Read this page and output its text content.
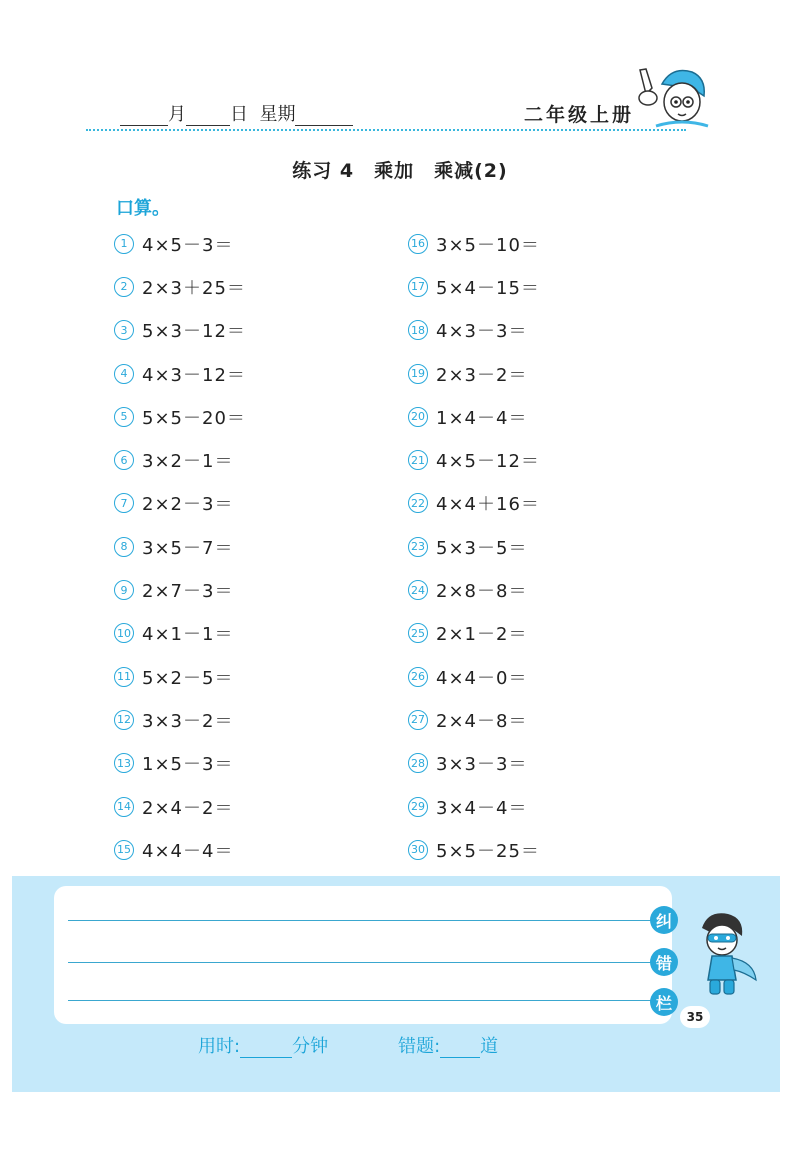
月 日 星期	二年级上册
练习 4 乘加 乘减(2)
口算。
1 4×5－3＝
2 2×3＋25＝
3 5×3－12＝
4 4×3－12＝
5 5×5－20＝
6 3×2－1＝
7 2×2－3＝
8 3×5－7＝
9 2×7－3＝
10 4×1－1＝
11 5×2－5＝
12 3×3－2＝
13 1×5－3＝
14 2×4－2＝
15 4×4－4＝
16 3×5－10＝
17 5×4－15＝
18 4×3－3＝
19 2×3－2＝
20 1×4－4＝
21 4×5－12＝
22 4×4＋16＝
23 5×3－5＝
24 2×8－8＝
25 2×1－2＝
26 4×4－0＝
27 2×4－8＝
28 3×3－3＝
29 3×4－4＝
30 5×5－25＝
纠
错
栏
35
用时:	分钟	错题: 道
